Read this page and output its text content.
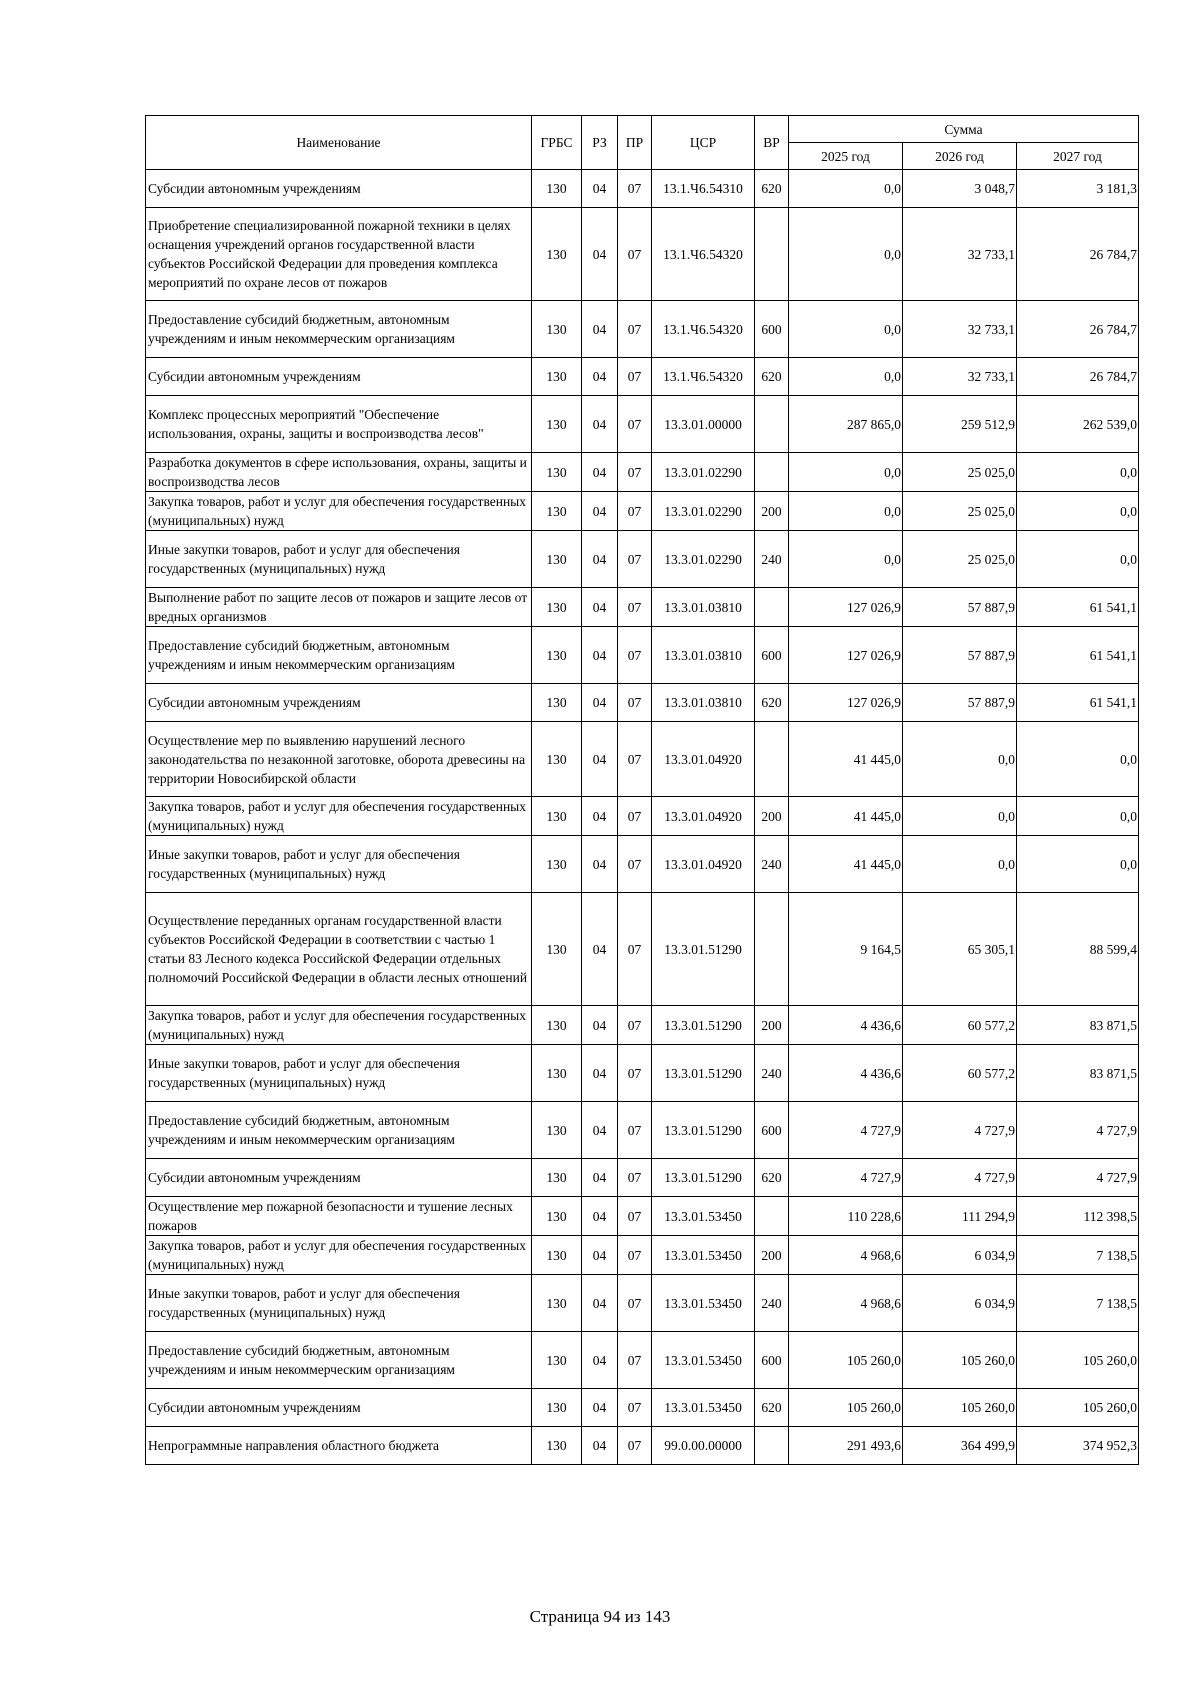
Наименование	ГРБС	РЗ	ПР	ЦСР	ВР	Сумма		
						2025 год	2026 год	2027 год
Субсидии автономным учреждениям	130	04	07	13.1.Ч6.54310	620	0,0	3 048,7	3 181,3
Приобретение специализированной пожарной техники в целях оснащения учреждений органов государственной власти субъектов Российской Федерации для проведения комплекса мероприятий по охране лесов от пожаров	130	04	07	13.1.Ч6.54320		0,0	32 733,1	26 784,7
Предоставление субсидий бюджетным, автономным учреждениям и иным некоммерческим организациям	130	04	07	13.1.Ч6.54320	600	0,0	32 733,1	26 784,7
Субсидии автономным учреждениям	130	04	07	13.1.Ч6.54320	620	0,0	32 733,1	26 784,7
Комплекс процессных мероприятий "Обеспечение использования, охраны, защиты и воспроизводства лесов"	130	04	07	13.3.01.00000		287 865,0	259 512,9	262 539,0
Разработка документов в сфере использования, охраны, защиты и воспроизводства лесов	130	04	07	13.3.01.02290		0,0	25 025,0	0,0
Закупка товаров, работ и услуг для обеспечения государственных (муниципальных) нужд	130	04	07	13.3.01.02290	200	0,0	25 025,0	0,0
Иные закупки товаров, работ и услуг для обеспечения государственных (муниципальных) нужд	130	04	07	13.3.01.02290	240	0,0	25 025,0	0,0
Выполнение работ по защите лесов от пожаров и защите лесов от вредных организмов	130	04	07	13.3.01.03810		127 026,9	57 887,9	61 541,1
Предоставление субсидий бюджетным, автономным учреждениям и иным некоммерческим организациям	130	04	07	13.3.01.03810	600	127 026,9	57 887,9	61 541,1
Субсидии автономным учреждениям	130	04	07	13.3.01.03810	620	127 026,9	57 887,9	61 541,1
Осуществление мер по выявлению нарушений лесного законодательства по незаконной заготовке, оборота древесины на территории Новосибирской области	130	04	07	13.3.01.04920		41 445,0	0,0	0,0
Закупка товаров, работ и услуг для обеспечения государственных (муниципальных) нужд	130	04	07	13.3.01.04920	200	41 445,0	0,0	0,0
Иные закупки товаров, работ и услуг для обеспечения государственных (муниципальных) нужд	130	04	07	13.3.01.04920	240	41 445,0	0,0	0,0
Осуществление переданных органам государственной власти субъектов Российской Федерации в соответствии с частью 1 статьи 83 Лесного кодекса Российской Федерации отдельных полномочий Российской Федерации в области лесных отношений	130	04	07	13.3.01.51290		9 164,5	65 305,1	88 599,4
Закупка товаров, работ и услуг для обеспечения государственных (муниципальных) нужд	130	04	07	13.3.01.51290	200	4 436,6	60 577,2	83 871,5
Иные закупки товаров, работ и услуг для обеспечения государственных (муниципальных) нужд	130	04	07	13.3.01.51290	240	4 436,6	60 577,2	83 871,5
Предоставление субсидий бюджетным, автономным учреждениям и иным некоммерческим организациям	130	04	07	13.3.01.51290	600	4 727,9	4 727,9	4 727,9
Субсидии автономным учреждениям	130	04	07	13.3.01.51290	620	4 727,9	4 727,9	4 727,9
Осуществление мер пожарной безопасности и тушение лесных пожаров	130	04	07	13.3.01.53450		110 228,6	111 294,9	112 398,5
Закупка товаров, работ и услуг для обеспечения государственных (муниципальных) нужд	130	04	07	13.3.01.53450	200	4 968,6	6 034,9	7 138,5
Иные закупки товаров, работ и услуг для обеспечения государственных (муниципальных) нужд	130	04	07	13.3.01.53450	240	4 968,6	6 034,9	7 138,5
Предоставление субсидий бюджетным, автономным учреждениям и иным некоммерческим организациям	130	04	07	13.3.01.53450	600	105 260,0	105 260,0	105 260,0
Субсидии автономным учреждениям	130	04	07	13.3.01.53450	620	105 260,0	105 260,0	105 260,0
Непрограммные направления областного бюджета	130	04	07	99.0.00.00000		291 493,6	364 499,9	374 952,3
Страница 94 из 143
